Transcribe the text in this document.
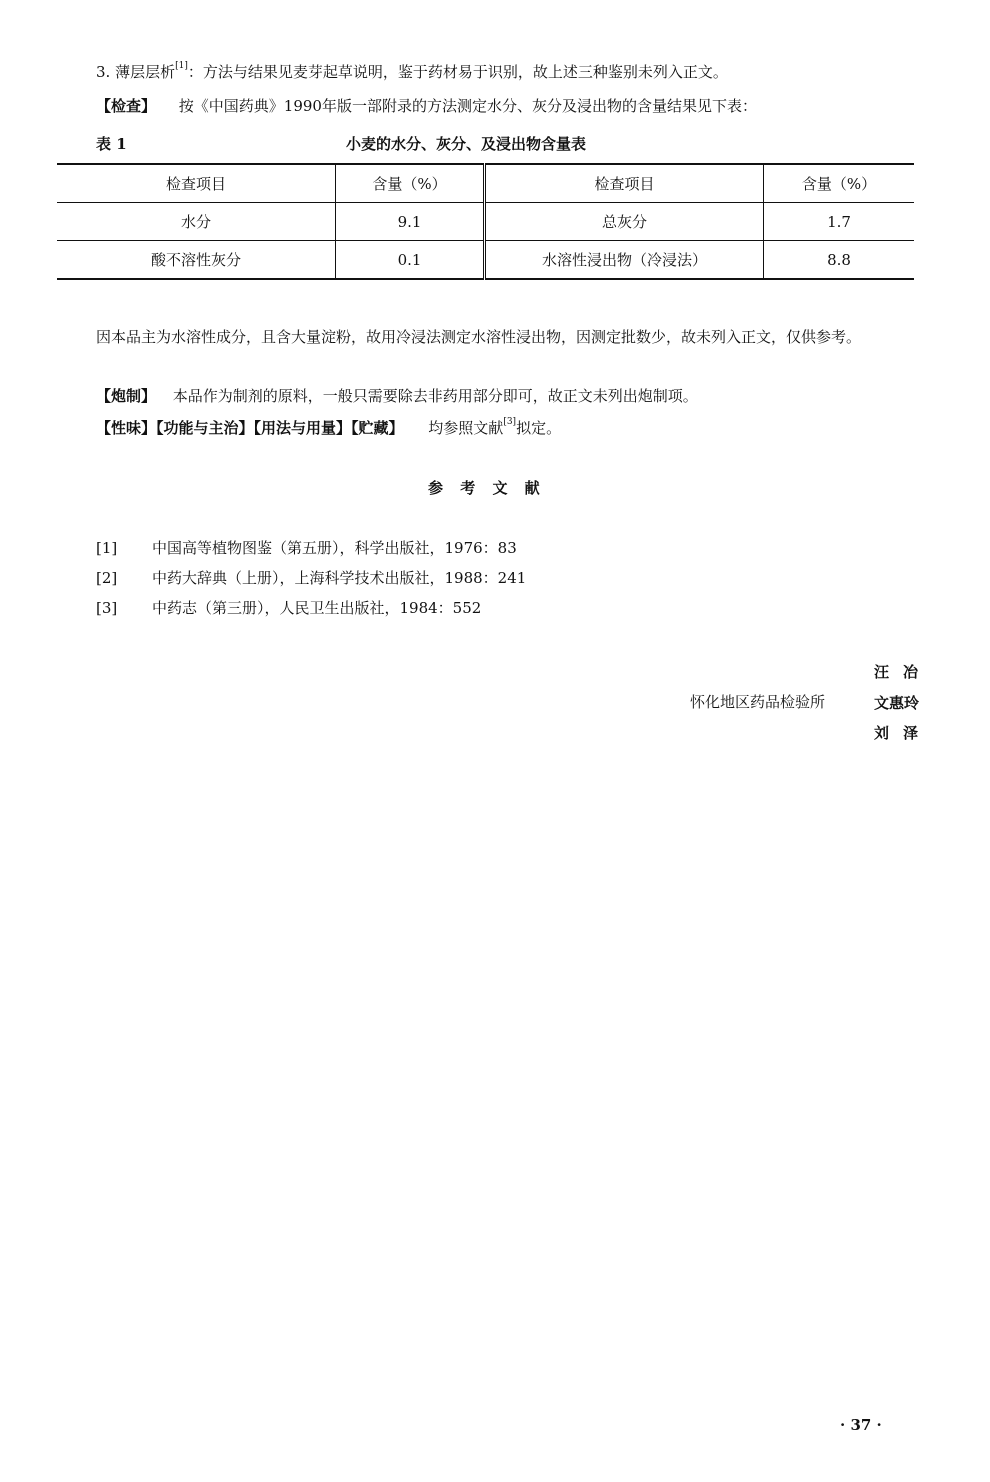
3. 薄层层析[1]：方法与结果见麦芽起草说明，鉴于药材易于识别，故上述三种鉴别未列入正文。
【检查】 按《中国药典》1990年版一部附录的方法测定水分、灰分及浸出物的含量结果见下表：
表 1	小麦的水分、灰分、及浸出物含量表
检查项目	含量（%）	检查项目	含量（%）
水分	9.1	总灰分	1.7
酸不溶性灰分	0.1	水溶性浸出物（冷浸法）	8.8
因本品主为水溶性成分，且含大量淀粉，故用冷浸法测定水溶性浸出物，因测定批数少，故未列入正文，仅供参考。
【炮制】 本品作为制剂的原料，一般只需要除去非药用部分即可，故正文未列出炮制项。
【性味】【功能与主治】【用法与用量】【贮藏】 均参照文献[3]拟定。
参 考 文 献
[1] 中国高等植物图鉴（第五册），科学出版社，1976：83
[2] 中药大辞典（上册），上海科学技术出版社，1988：241
[3] 中药志（第三册），人民卫生出版社，1984：552
汪冶
怀化地区药品检验所	文惠玲
刘泽
· 37 ·
